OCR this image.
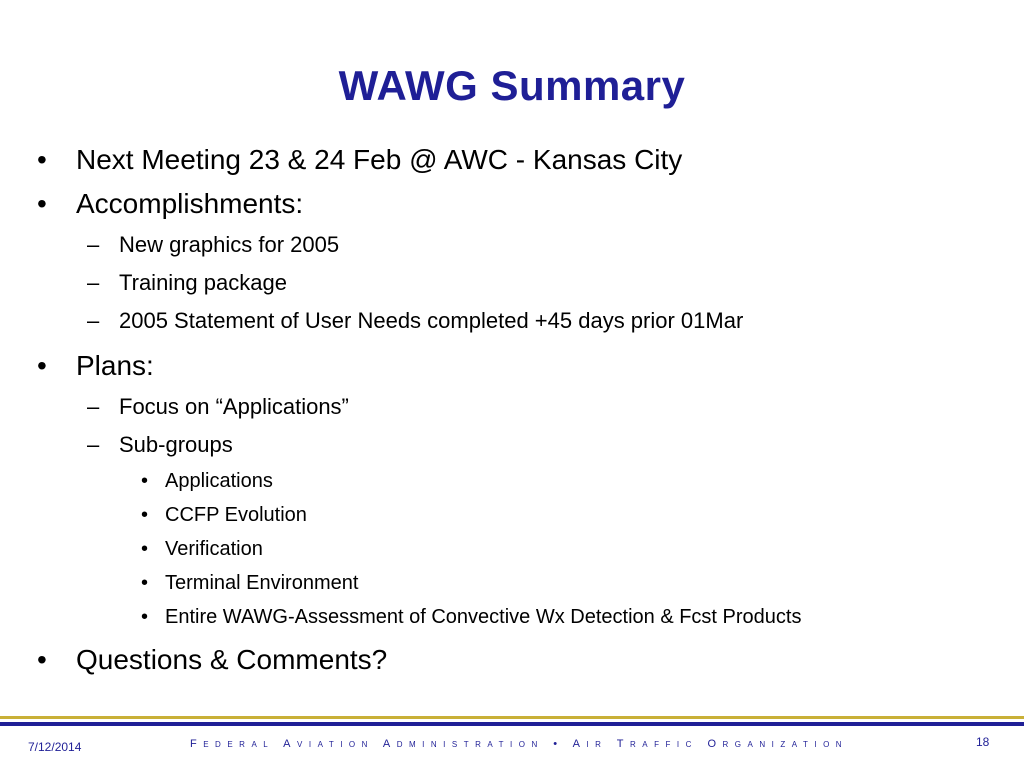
WAWG Summary
• Next Meeting 23 & 24 Feb @ AWC - Kansas City
• Accomplishments:
– New graphics for 2005
– Training package
– 2005 Statement of User Needs completed +45 days prior 01Mar
• Plans:
– Focus on “Applications”
– Sub-groups
• Applications
• CCFP Evolution
• Verification
• Terminal Environment
• Entire WAWG-Assessment of Convective Wx Detection & Fcst Products
• Questions & Comments?
7/12/2014	Federal Aviation Administration • Air Traffic Organization	18
